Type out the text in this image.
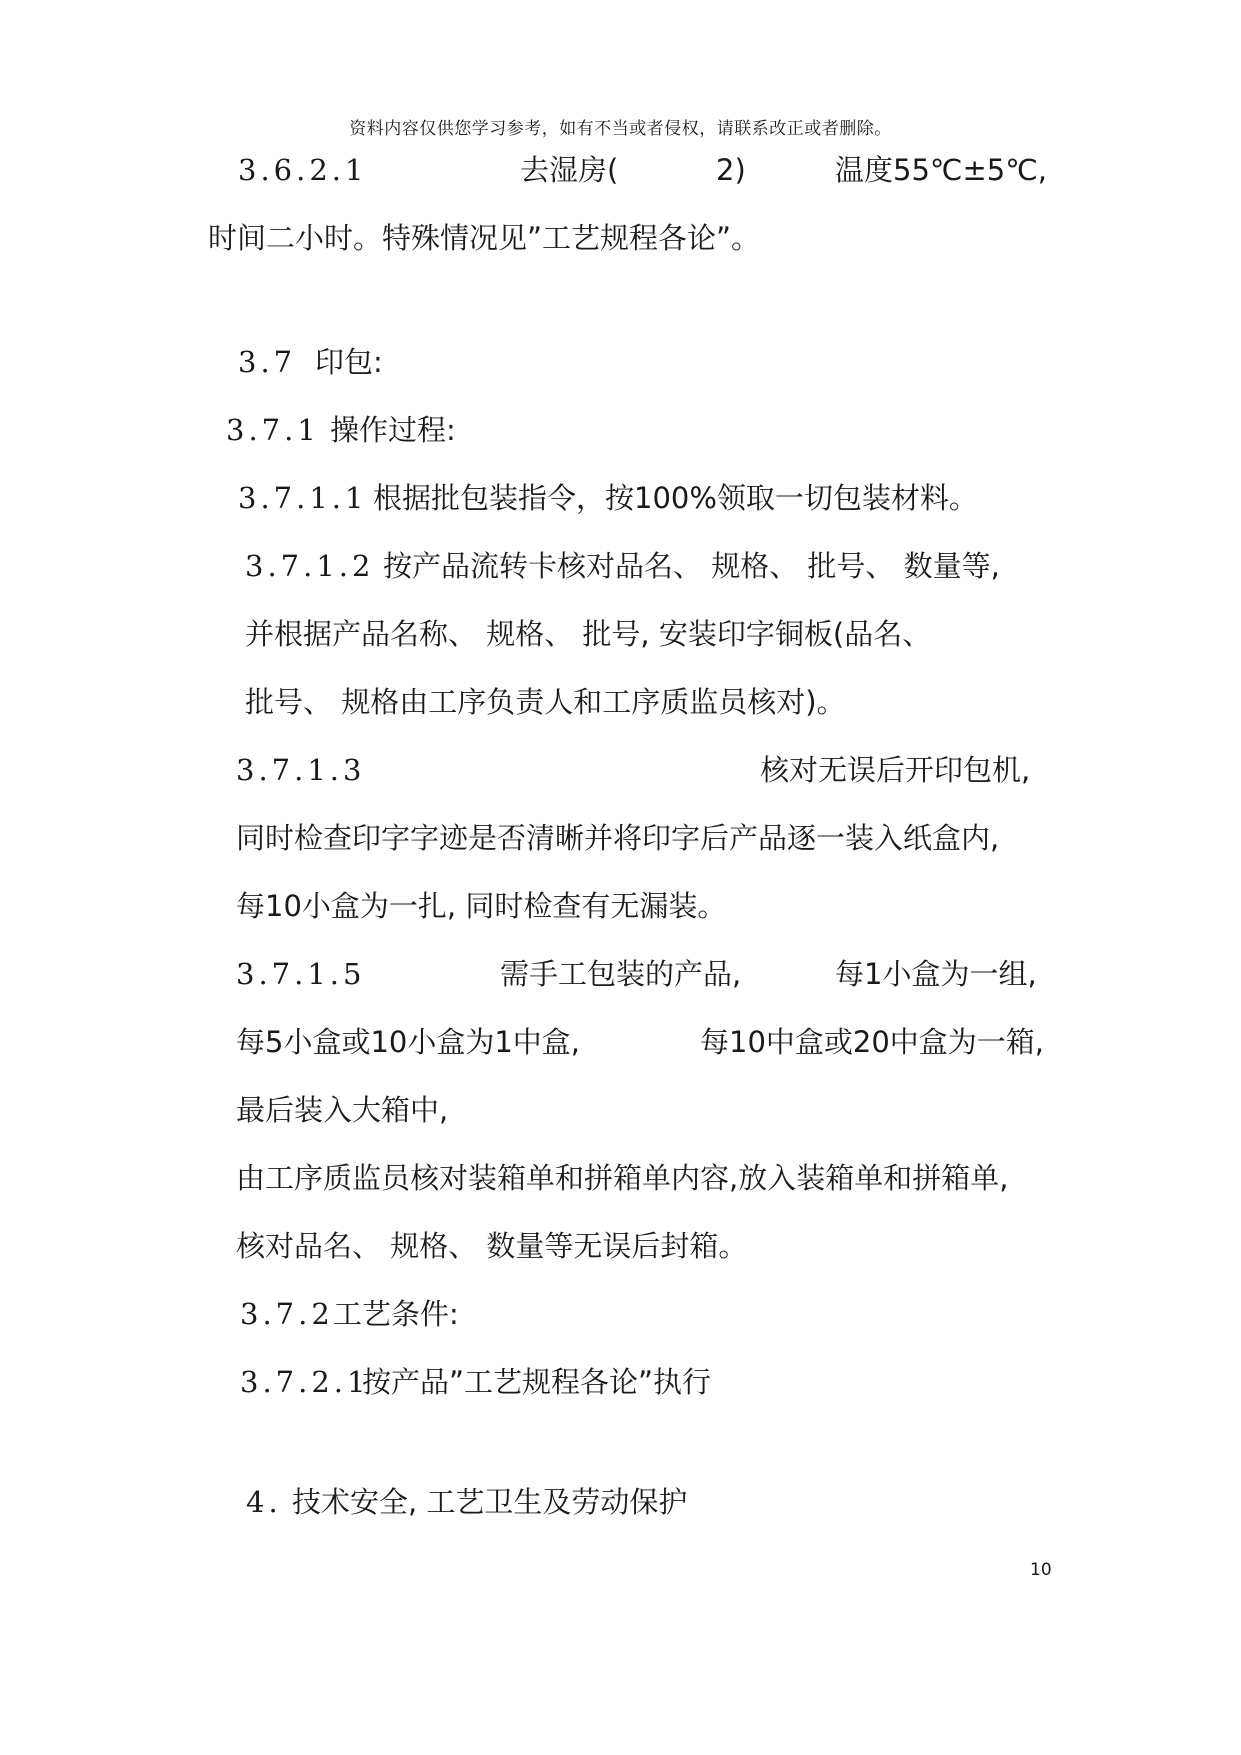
资料内容仅供您学习参考，如有不当或者侵权，请联系改正或者删除。
3.6.2.1	去湿房(	2)	温度55℃±5℃,
时间二小时。特殊情况见”工艺规程各论”。
3.7 印包:
3.7.1 操作过程:
3.7.1.1 根据批包装指令，按100%领取一切包装材料。
3.7.1.2 按产品流转卡核对品名、 规格、 批号、 数量等,
并根据产品名称、 规格、 批号, 安装印字铜板(品名、
批号、 规格由工序负责人和工序质监员核对)。
3.7.1.3	核对无误后开印包机,
同时检查印字字迹是否清晰并将印字后产品逐一装入纸盒内,
每10小盒为一扎, 同时检查有无漏装。
3.7.1.5	需手工包装的产品,	每1小盒为一组,
每5小盒或10小盒为1中盒,	每10中盒或20中盒为一箱,
最后装入大箱中,
由工序质监员核对装箱单和拼箱单内容,放入装箱单和拼箱单,
核对品名、 规格、 数量等无误后封箱。
3.7.2 工艺条件:
3.7.2.1
按产品”工艺规程各论”执行
4. 技术安全, 工艺卫生及劳动保护
10
